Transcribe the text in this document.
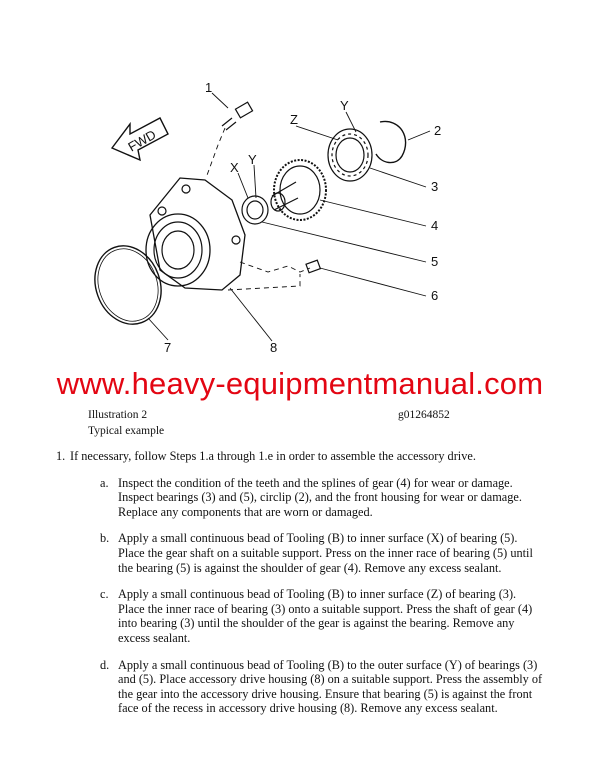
FWD
1
2
3
4
5
6
7	8
X
Y
Z
Y
www.heavy-equipmentmanual.com
Illustration 2	g01264852
Typical example
1. If necessary, follow Steps 1.a through 1.e in order to assemble the accessory drive.
a. Inspect the condition of the teeth and the splines of gear (4) for wear or damage. Inspect bearings (3) and (5), circlip (2), and the front housing for wear or damage. Replace any components that are worn or damaged.
b. Apply a small continuous bead of Tooling (B) to inner surface (X) of bearing (5). Place the gear shaft on a suitable support. Press on the inner race of bearing (5) until the bearing (5) is against the shoulder of gear (4). Remove any excess sealant.
c. Apply a small continuous bead of Tooling (B) to inner surface (Z) of bearing (3). Place the inner race of bearing (3) onto a suitable support. Press the shaft of gear (4) into bearing (3) until the shoulder of the gear is against the bearing. Remove any excess sealant.
d. Apply a small continuous bead of Tooling (B) to the outer surface (Y) of bearings (3) and (5). Place accessory drive housing (8) on a suitable support. Press the assembly of the gear into the accessory drive housing. Ensure that bearing (5) is against the front face of the recess in accessory drive housing (8). Remove any excess sealant.
